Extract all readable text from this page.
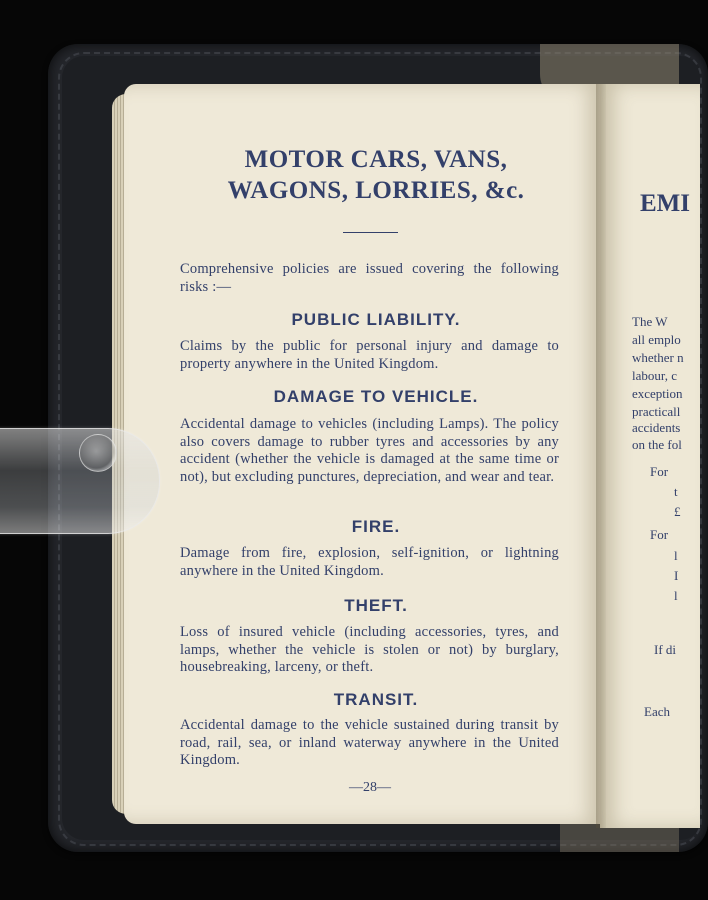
MOTOR CARS, VANS,
WAGONS, LORRIES, &c.
Comprehensive policies are issued covering the following risks :—
PUBLIC LIABILITY.
Claims by the public for personal injury and damage to property anywhere in the United Kingdom.
DAMAGE TO VEHICLE.
Accidental damage to vehicles (including Lamps). The policy also covers damage to rubber tyres and accessories by any accident (whether the vehicle is damaged at the same time or not), but excluding punctures, depreciation, and wear and tear.
FIRE.
Damage from fire, explosion, self-ignition, or lightning anywhere in the United Kingdom.
THEFT.
Loss of insured vehicle (including accessories, tyres, and lamps, whether the vehicle is stolen or not) by burglary, housebreaking, larceny, or theft.
TRANSIT.
Accidental damage to the vehicle sustained during transit by road, rail, sea, or inland waterway anywhere in the United Kingdom.
—28—
EMI
The W
all emplo
whether n
labour, c
exception
practicall
accidents
on the fol
For
t
£
For
l
I
l
If di
Each
